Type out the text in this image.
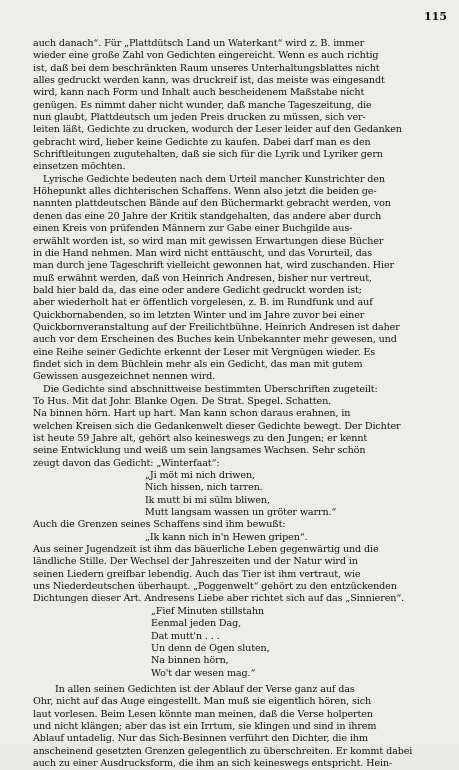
115
auch danach“. Für „Plattdütsch Land un Waterkant“ wird z. B. immer
wieder eine große Zahl von Gedichten eingereicht. Wenn es auch richtig
ist, daß bei dem beschränkten Raum unseres Unterhaltungsblattes nicht
alles gedruckt werden kann, was druckreif ist, das meiste was eingesandt
wird, kann nach Form und Inhalt auch bescheidenem Maßstabe nicht
genügen. Es nimmt daher nicht wunder, daß manche Tageszeitung, die
nun glaubt, Plattdeutsch um jeden Preis drucken zu müssen, sich ver-
leiten läßt, Gedichte zu drucken, wodurch der Leser leider auf den Gedanken
gebracht wird, lieber keine Gedichte zu kaufen. Dabei darf man es den
Schriftleitungen zugutehalten, daß sie sich für die Lyrik und Lyriker gern
einsetzen möchten.
Lyrische Gedichte bedeuten nach dem Urteil mancher Kunstrichter den
Höhepunkt alles dichterischen Schaffens. Wenn also jetzt die beiden ge-
nannten plattdeutschen Bände auf den Büchermarkt gebracht werden, von
denen das eine 20 Jahre der Kritik standgehalten, das andere aber durch
einen Kreis von prüfenden Männern zur Gabe einer Buchgilde aus-
erwählt worden ist, so wird man mit gewissen Erwartungen diese Bücher
in die Hand nehmen. Man wird nicht enttäuscht, und das Vorurteil, das
man durch jene Tageschrift vielleicht gewonnen hat, wird zuschanden. Hier
muß erwähnt werden, daß von Heinrich Andresen, bisher nur vertreut,
bald hier bald da, das eine oder andere Gedicht gedruckt worden ist;
aber wiederholt hat er öffentlich vorgelesen, z. B. im Rundfunk und auf
Quickbornabenden, so im letzten Winter und im Jahre zuvor bei einer
Quickbornveranstaltung auf der Freilichtbühne. Heinrich Andresen ist daher
auch vor dem Erscheinen des Buches kein Unbekannter mehr gewesen, und
eine Reihe seiner Gedichte erkennt der Leser mit Vergnügen wieder. Es
findet sich in dem Büchlein mehr als ein Gedicht, das man mit gutem
Gewissen ausgezeichnet nennen wird.
Die Gedichte sind abschnittweise bestimmten Überschriften zugeteilt:
To Hus. Mit dat Johr. Blanke Ogen. De Strat. Spegel. Schatten.
Na binnen hörn. Hart up hart. Man kann schon daraus erahnen, in
welchen Kreisen sich die Gedankenwelt dieser Gedichte bewegt. Der Dichter
ist heute 59 Jahre alt, gehört also keineswegs zu den Jungen; er kennt
seine Entwicklung und weiß um sein langsames Wachsen. Sehr schön
zeugt davon das Gedicht: „Winterfaat“:
„Ji möt mi nich driwen,
Nich hissen, nich tarren.
Ik mutt bi mi sülm bliwen,
Mutt langsam wassen un gröter warrn.“
Auch die Grenzen seines Schaffens sind ihm bewußt:
„Ik kann nich in'n Hewen gripen“.
Aus seiner Jugendzeit ist ihm das bäuerliche Leben gegenwärtig und die
ländliche Stille. Der Wechsel der Jahreszeiten und der Natur wird in
seinen Liedern greifbar lebendig. Auch das Tier ist ihm vertraut, wie
uns Niederdeutschen überhaupt. „Poggenwelt“ gehört zu den entzückenden
Dichtungen dieser Art. Andresens Liebe aber richtet sich auf das „Sinnieren“.
„Fief Minuten stillstahn
Eenmal jeden Dag,
Dat mutt'n . . .
Un denn de Ogen sluten,
Na binnen hörn,
Wo't dar wesen mag.“
In allen seinen Gedichten ist der Ablauf der Verse ganz auf das
Ohr, nicht auf das Auge eingestellt. Man muß sie eigentlich hören, sich
laut vorlesen. Beim Lesen könnte man meinen, daß die Verse holperten
und nicht klängen; aber das ist ein Irrtum, sie klingen und sind in ihrem
Ablauf untadelig. Nur das Sich-Besinnen verführt den Dichter, die ihm
anscheinend gesetzten Grenzen gelegentlich zu überschreiten. Er kommt dabei
auch zu einer Ausdrucksform, die ihm an sich keineswegs entspricht. Hein-
